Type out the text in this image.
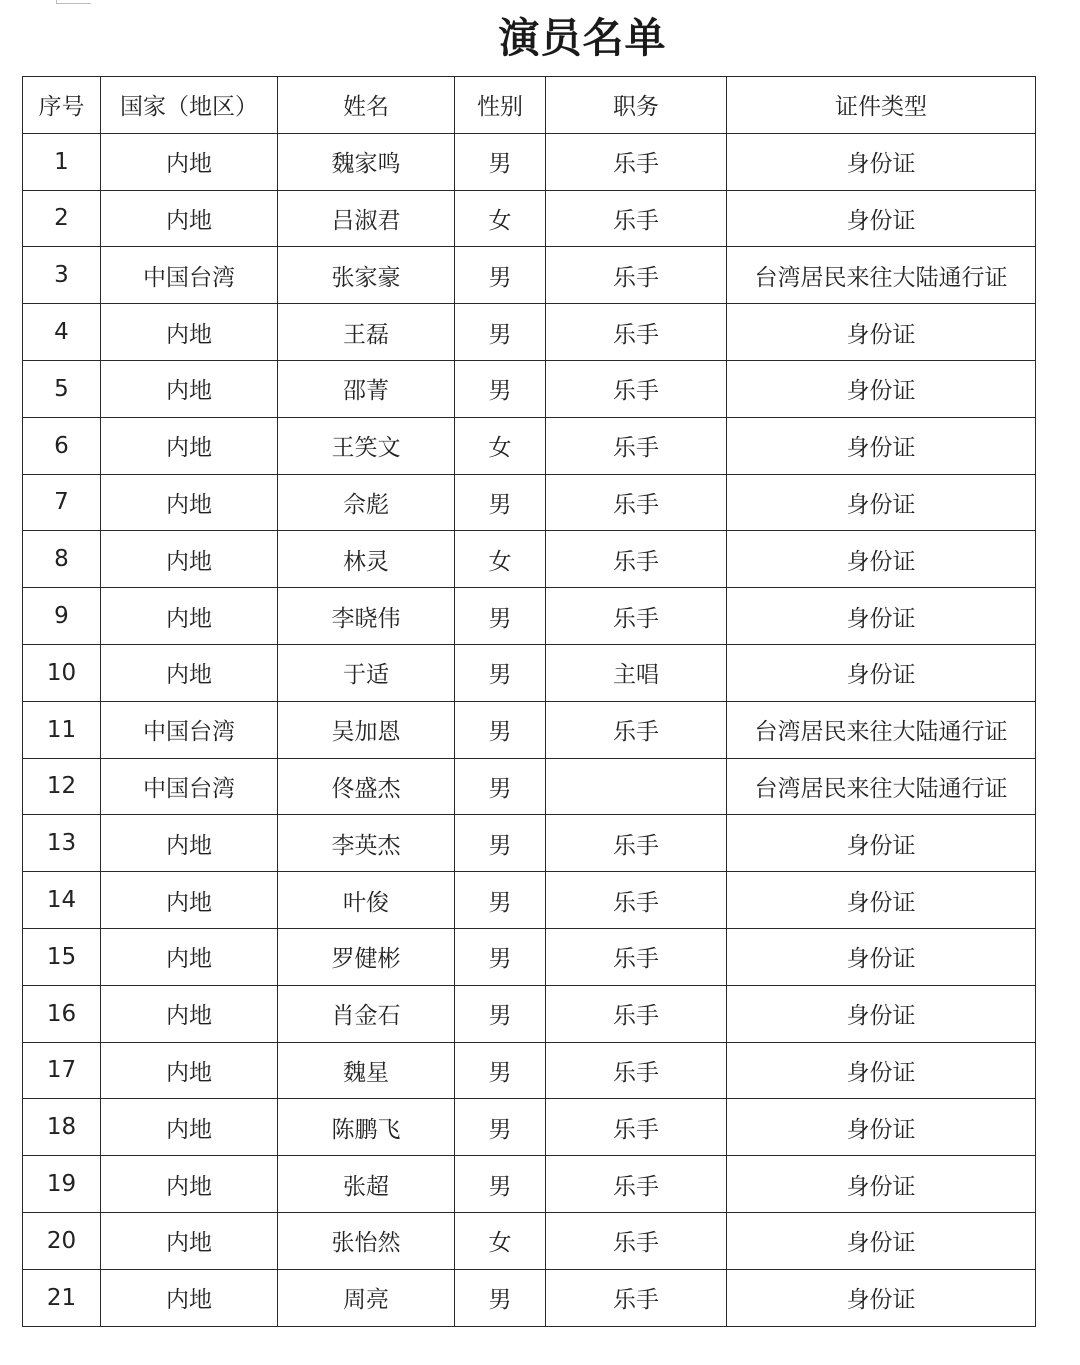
演员名单
序号	国家（地区）	姓名	性别	职务	证件类型
1	内地	魏家鸣	男	乐手	身份证
2	内地	吕淑君	女	乐手	身份证
3	中国台湾	张家豪	男	乐手	台湾居民来往大陆通行证
4	内地	王磊	男	乐手	身份证
5	内地	邵菁	男	乐手	身份证
6	内地	王笑文	女	乐手	身份证
7	内地	佘彪	男	乐手	身份证
8	内地	林灵	女	乐手	身份证
9	内地	李晓伟	男	乐手	身份证
10	内地	于适	男	主唱	身份证
11	中国台湾	吴加恩	男	乐手	台湾居民来往大陆通行证
12	中国台湾	佟盛杰	男		台湾居民来往大陆通行证
13	内地	李英杰	男	乐手	身份证
14	内地	叶俊	男	乐手	身份证
15	内地	罗健彬	男	乐手	身份证
16	内地	肖金石	男	乐手	身份证
17	内地	魏星	男	乐手	身份证
18	内地	陈鹏飞	男	乐手	身份证
19	内地	张超	男	乐手	身份证
20	内地	张怡然	女	乐手	身份证
21	内地	周亮	男	乐手	身份证
